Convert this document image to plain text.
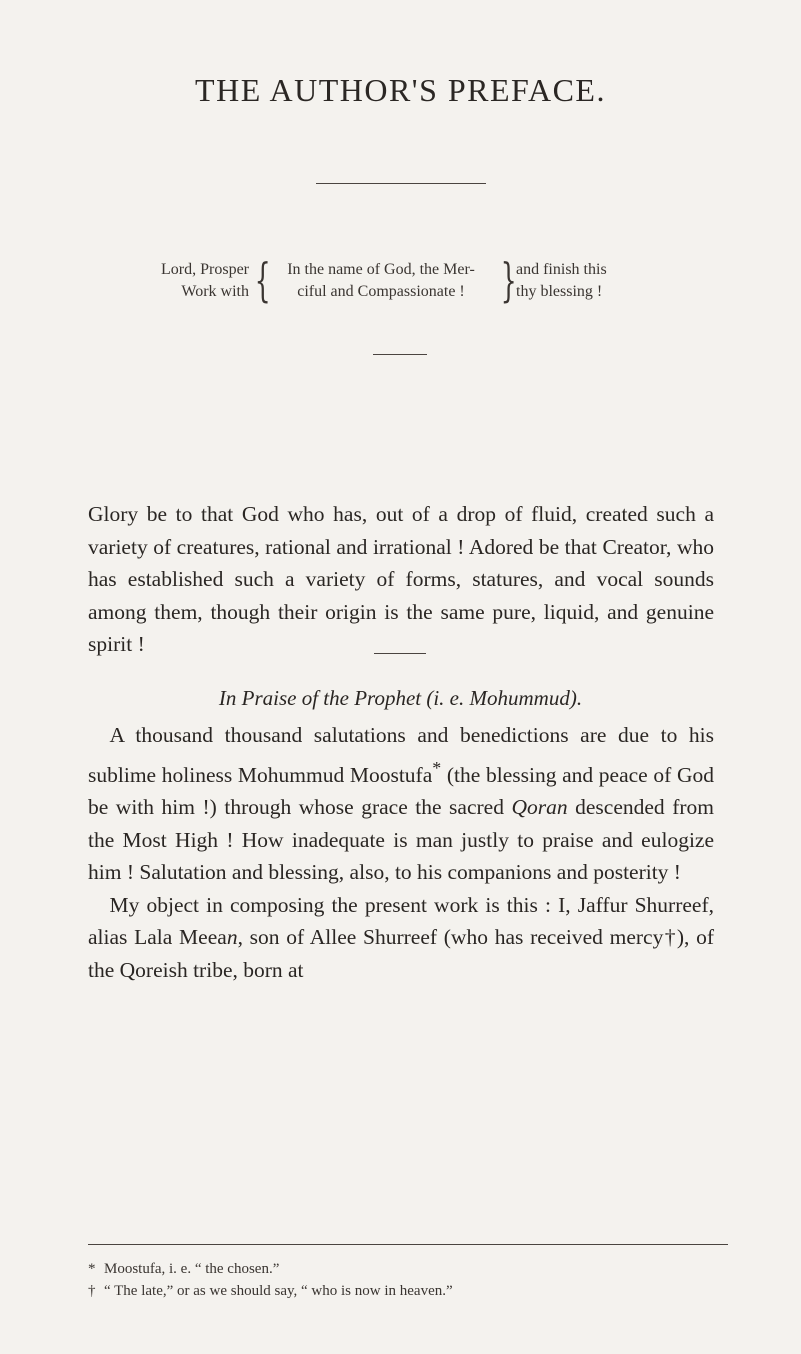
THE AUTHOR'S PREFACE.
Lord, Prosper
Work with {	In the name of God, the Mer-
ciful and Compassionate ! } and finish this
thy blessing !

Glory be to that God who has, out of a drop of fluid, created such a variety of creatures, rational and irrational ! Adored be that Creator, who has established such a variety of forms, statures, and vocal sounds among them, though their origin is the same pure, liquid, and genuine spirit !

In Praise of the Prophet (i. e. Mohummud).

 A thousand thousand salutations and benedictions are due to his sublime holiness Mohummud Moostufa* (the blessing and peace of God be with him !) through whose grace the sacred Qoran descended from the Most High ! How inadequate is man justly to praise and eulogize him ! Salutation and blessing, also, to his companions and posterity !

 My object in composing the present work is this : I, Jaffur Shurreef, alias Lala Meean, son of Allee Shurreef (who has received mercy†), of the Qoreish tribe, born at

* Moostufa, i. e. “ the chosen.”
† “ The late,” or as we should say, “ who is now in heaven.”
